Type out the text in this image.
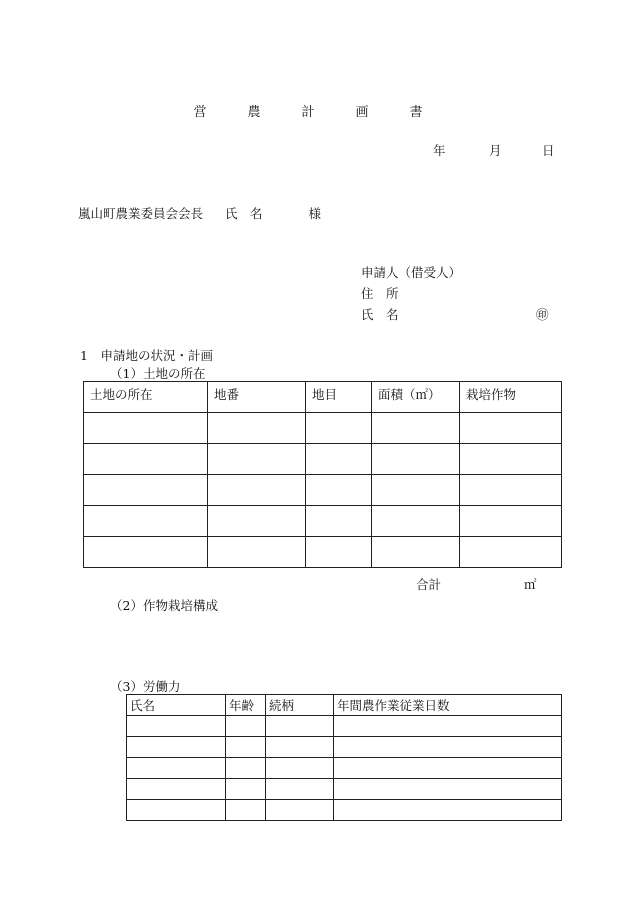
営　農　計　画　書
年	月	日
嵐山町農業委員会会長 氏　名	様
申請人（借受人）
住　所
氏　名	㊞
1　申請地の状況・計画
（1）土地の所在
土地の所在	地番	地目	面積（㎡）	栽培作物

合計	㎡
（2）作物栽培構成
（3）労働力
氏名	年齢	続柄	年間農作業従業日数
